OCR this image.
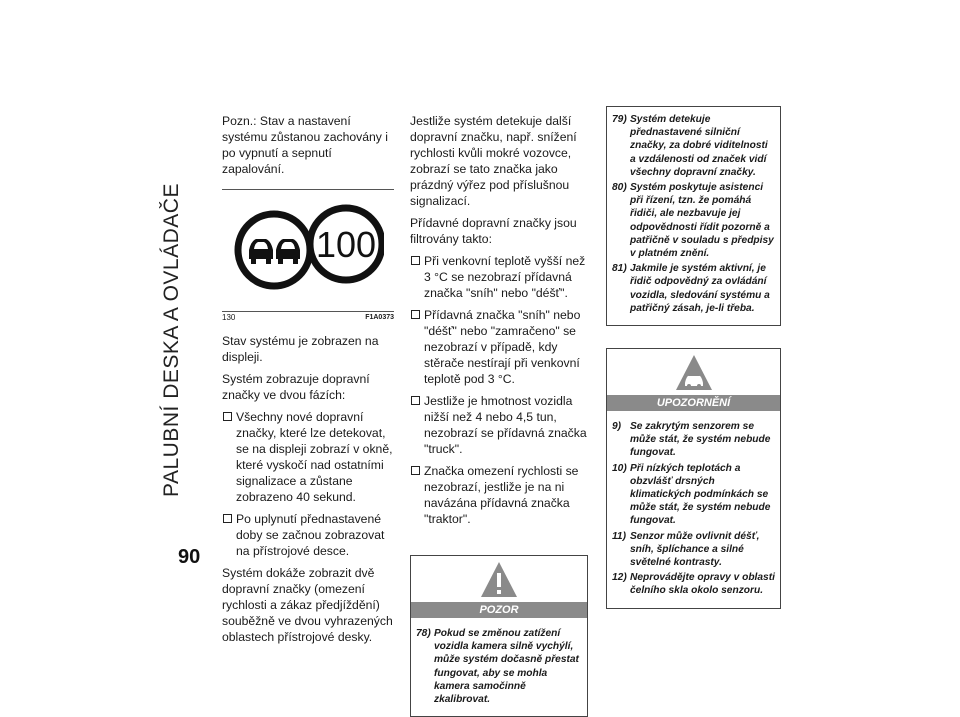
PALUBNÍ DESKA A OVLÁDAČE
90

Pozn.: Stav a nastavení systému zůstanou zachovány i po vypnutí a sepnutí zapalování.

100
130	F1A0373

Stav systému je zobrazen na displeji.

Systém zobrazuje dopravní značky ve dvou fázích:

Všechny nové dopravní značky, které lze detekovat, se na displeji zobrazí v okně, které vyskočí nad ostatními signalizace a zůstane zobrazeno 40 sekund.
Po uplynutí přednastavené doby se začnou zobrazovat na přístrojové desce.

Systém dokáže zobrazit dvě dopravní značky (omezení rychlosti a zákaz předjíždění) souběžně ve dvou vyhrazených oblastech přístrojové desky.

Jestliže systém detekuje další dopravní značku, např. snížení rychlosti kvůli mokré vozovce, zobrazí se tato značka jako prázdný výřez pod příslušnou signalizací.

Přídavné dopravní značky jsou filtrovány takto:

Při venkovní teplotě vyšší než 3 °C se nezobrazí přídavná značka "sníh" nebo "déšť".
Přídavná značka "sníh" nebo "déšť" nebo "zamračeno" se nezobrazí v případě, kdy stěrače nestírají při venkovní teplotě pod 3 °C.
Jestliže je hmotnost vozidla nižší než 4 nebo 4,5 tun, nezobrazí se přídavná značka "truck".
Značka omezení rychlosti se nezobrazí, jestliže je na ni navázána přídavná značka "traktor".
POZOR
78) Pokud se změnou zatížení vozidla kamera silně vychýlí, může systém dočasně přestat fungovat, aby se mohla kamera samočinně zkalibrovat.
79) Systém detekuje přednastavené silniční značky, za dobré viditelnosti a vzdálenosti od značek vidí všechny dopravní značky.
80) Systém poskytuje asistenci při řízení, tzn. že pomáhá řidiči, ale nezbavuje jej odpovědnosti řídit pozorně a patřičně v souladu s předpisy v platném znění.
81) Jakmile je systém aktivní, je řidič odpovědný za ovládání vozidla, sledování systému a patřičný zásah, je-li třeba.
UPOZORNĚNÍ
9) Se zakrytým senzorem se může stát, že systém nebude fungovat.
10) Při nízkých teplotách a obzvlášť drsných klimatických podmínkách se může stát, že systém nebude fungovat.
11) Senzor může ovlivnit déšť, sníh, šplíchance a silné světelné kontrasty.
12) Neprovádějte opravy v oblasti čelního skla okolo senzoru.
